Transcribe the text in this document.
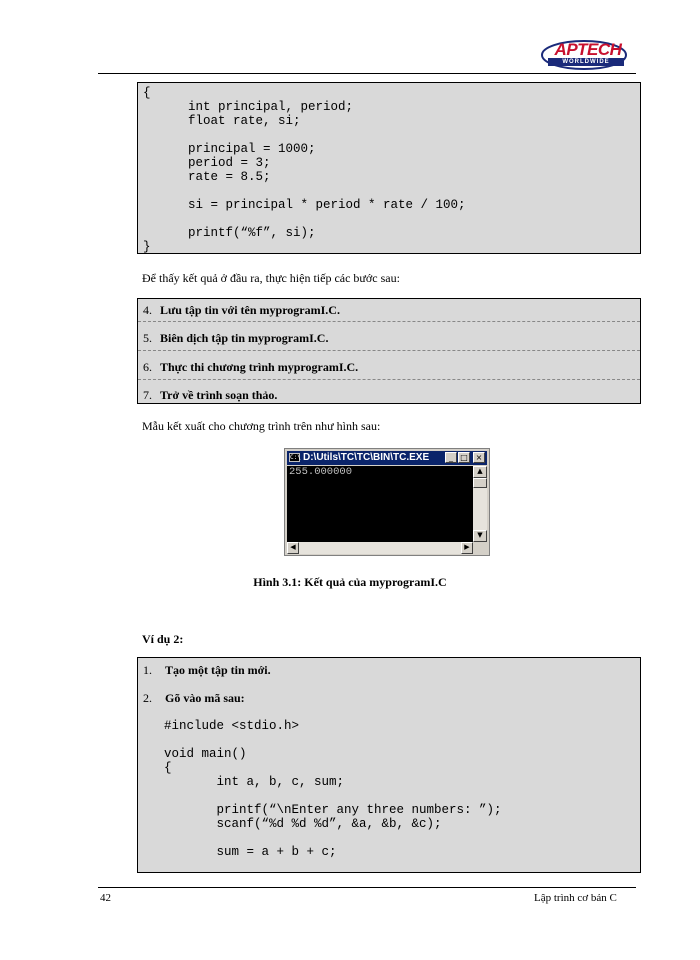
APTECH
WORLDWIDE
{
int principal, period;
float rate, si;

principal = 1000;
period = 3;
rate = 8.5;

si = principal * period * rate / 100;

printf(“%f”, si);
}
Để thấy kết quả ở đầu ra, thực hiện tiếp các bước sau:
4. Lưu tập tin với tên myprogramI.C.
5. Biên dịch tập tin myprogramI.C.
6. Thực thi chương trình myprogramI.C.
7. Trở về trình soạn thảo.
Mẫu kết xuất cho chương trình trên như hình sau:
C:\ D:\Utils\TC\TC\BIN\TC.EXE	_ □ ×
255.000000	▲
▼
◀	▶
Hình 3.1: Kết quả của myprogramI.C
Ví dụ 2:
1. Tạo một tập tin mới.
2. Gõ vào mã sau:
#include <stdio.h>

void main()
{
int a, b, c, sum;

printf(“\nEnter any three numbers: ”);
scanf(“%d %d %d”, &a, &b, &c);

sum = a + b + c;
42	Lập trình cơ bản C
